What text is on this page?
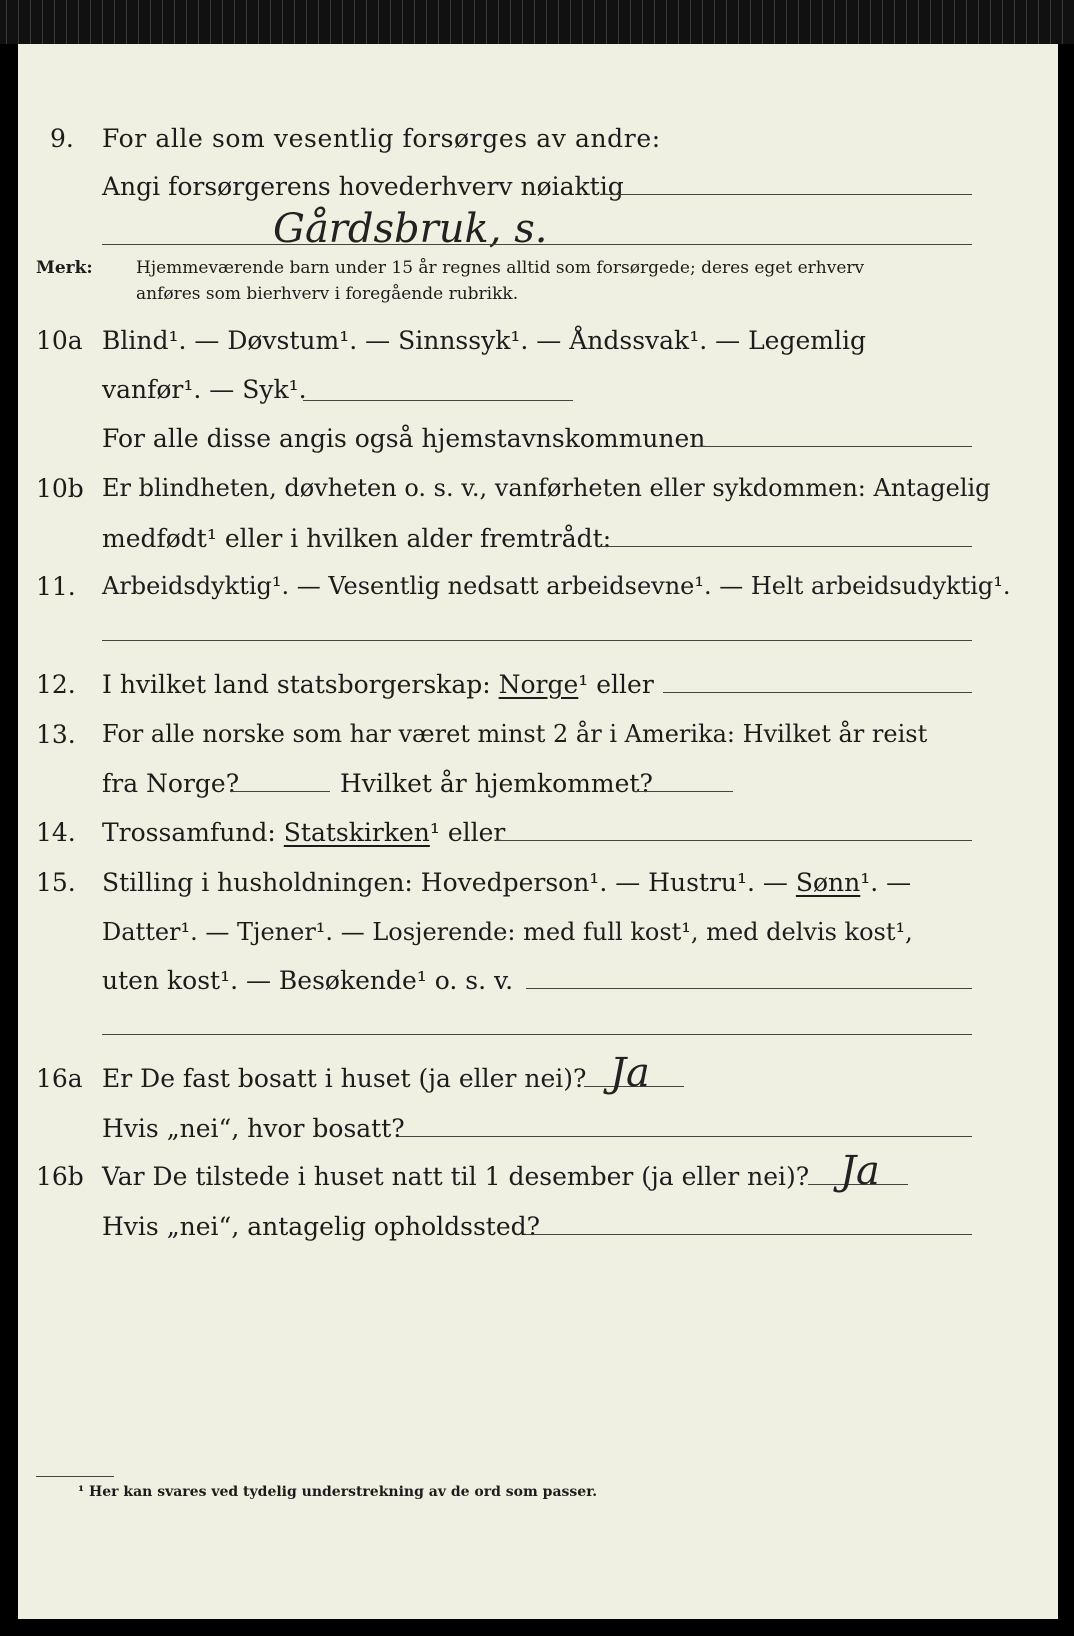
9. For alle som vesentlig forsørges av andre:
Angi forsørgerens hovederhverv nøiaktig
Gårdsbruk, s.
Merk:	Hjemmeværende barn under 15 år regnes alltid som forsørgede; deres eget erhverv
anføres som bierhverv i foregående rubrikk.
10a Blind¹. — Døvstum¹. — Sinnssyk¹. — Åndssvak¹. — Legemlig
vanfør¹. — Syk¹.
For alle disse angis også hjemstavnskommunen
10b Er blindheten, døvheten o. s. v., vanførheten eller sykdommen: Antagelig
medfødt¹ eller i hvilken alder fremtrådt:
11. Arbeidsdyktig¹. — Vesentlig nedsatt arbeidsevne¹. — Helt arbeidsudyktig¹.
12. I hvilket land statsborgerskap: Norge¹ eller
13. For alle norske som har været minst 2 år i Amerika: Hvilket år reist
fra Norge?	Hvilket år hjemkommet?
14. Trossamfund: Statskirken¹ eller
15. Stilling i husholdningen: Hovedperson¹. — Hustru¹. — Sønn¹. —
Datter¹. — Tjener¹. — Losjerende: med full kost¹, med delvis kost¹,
uten kost¹. — Besøkende¹ o. s. v.
16a Er De fast bosatt i huset (ja eller nei)? Ja
Hvis „nei“, hvor bosatt?
16b Var De tilstede i huset natt til 1 desember (ja eller nei)? Ja
Hvis „nei“, antagelig opholdssted?
¹ Her kan svares ved tydelig understrekning av de ord som passer.
